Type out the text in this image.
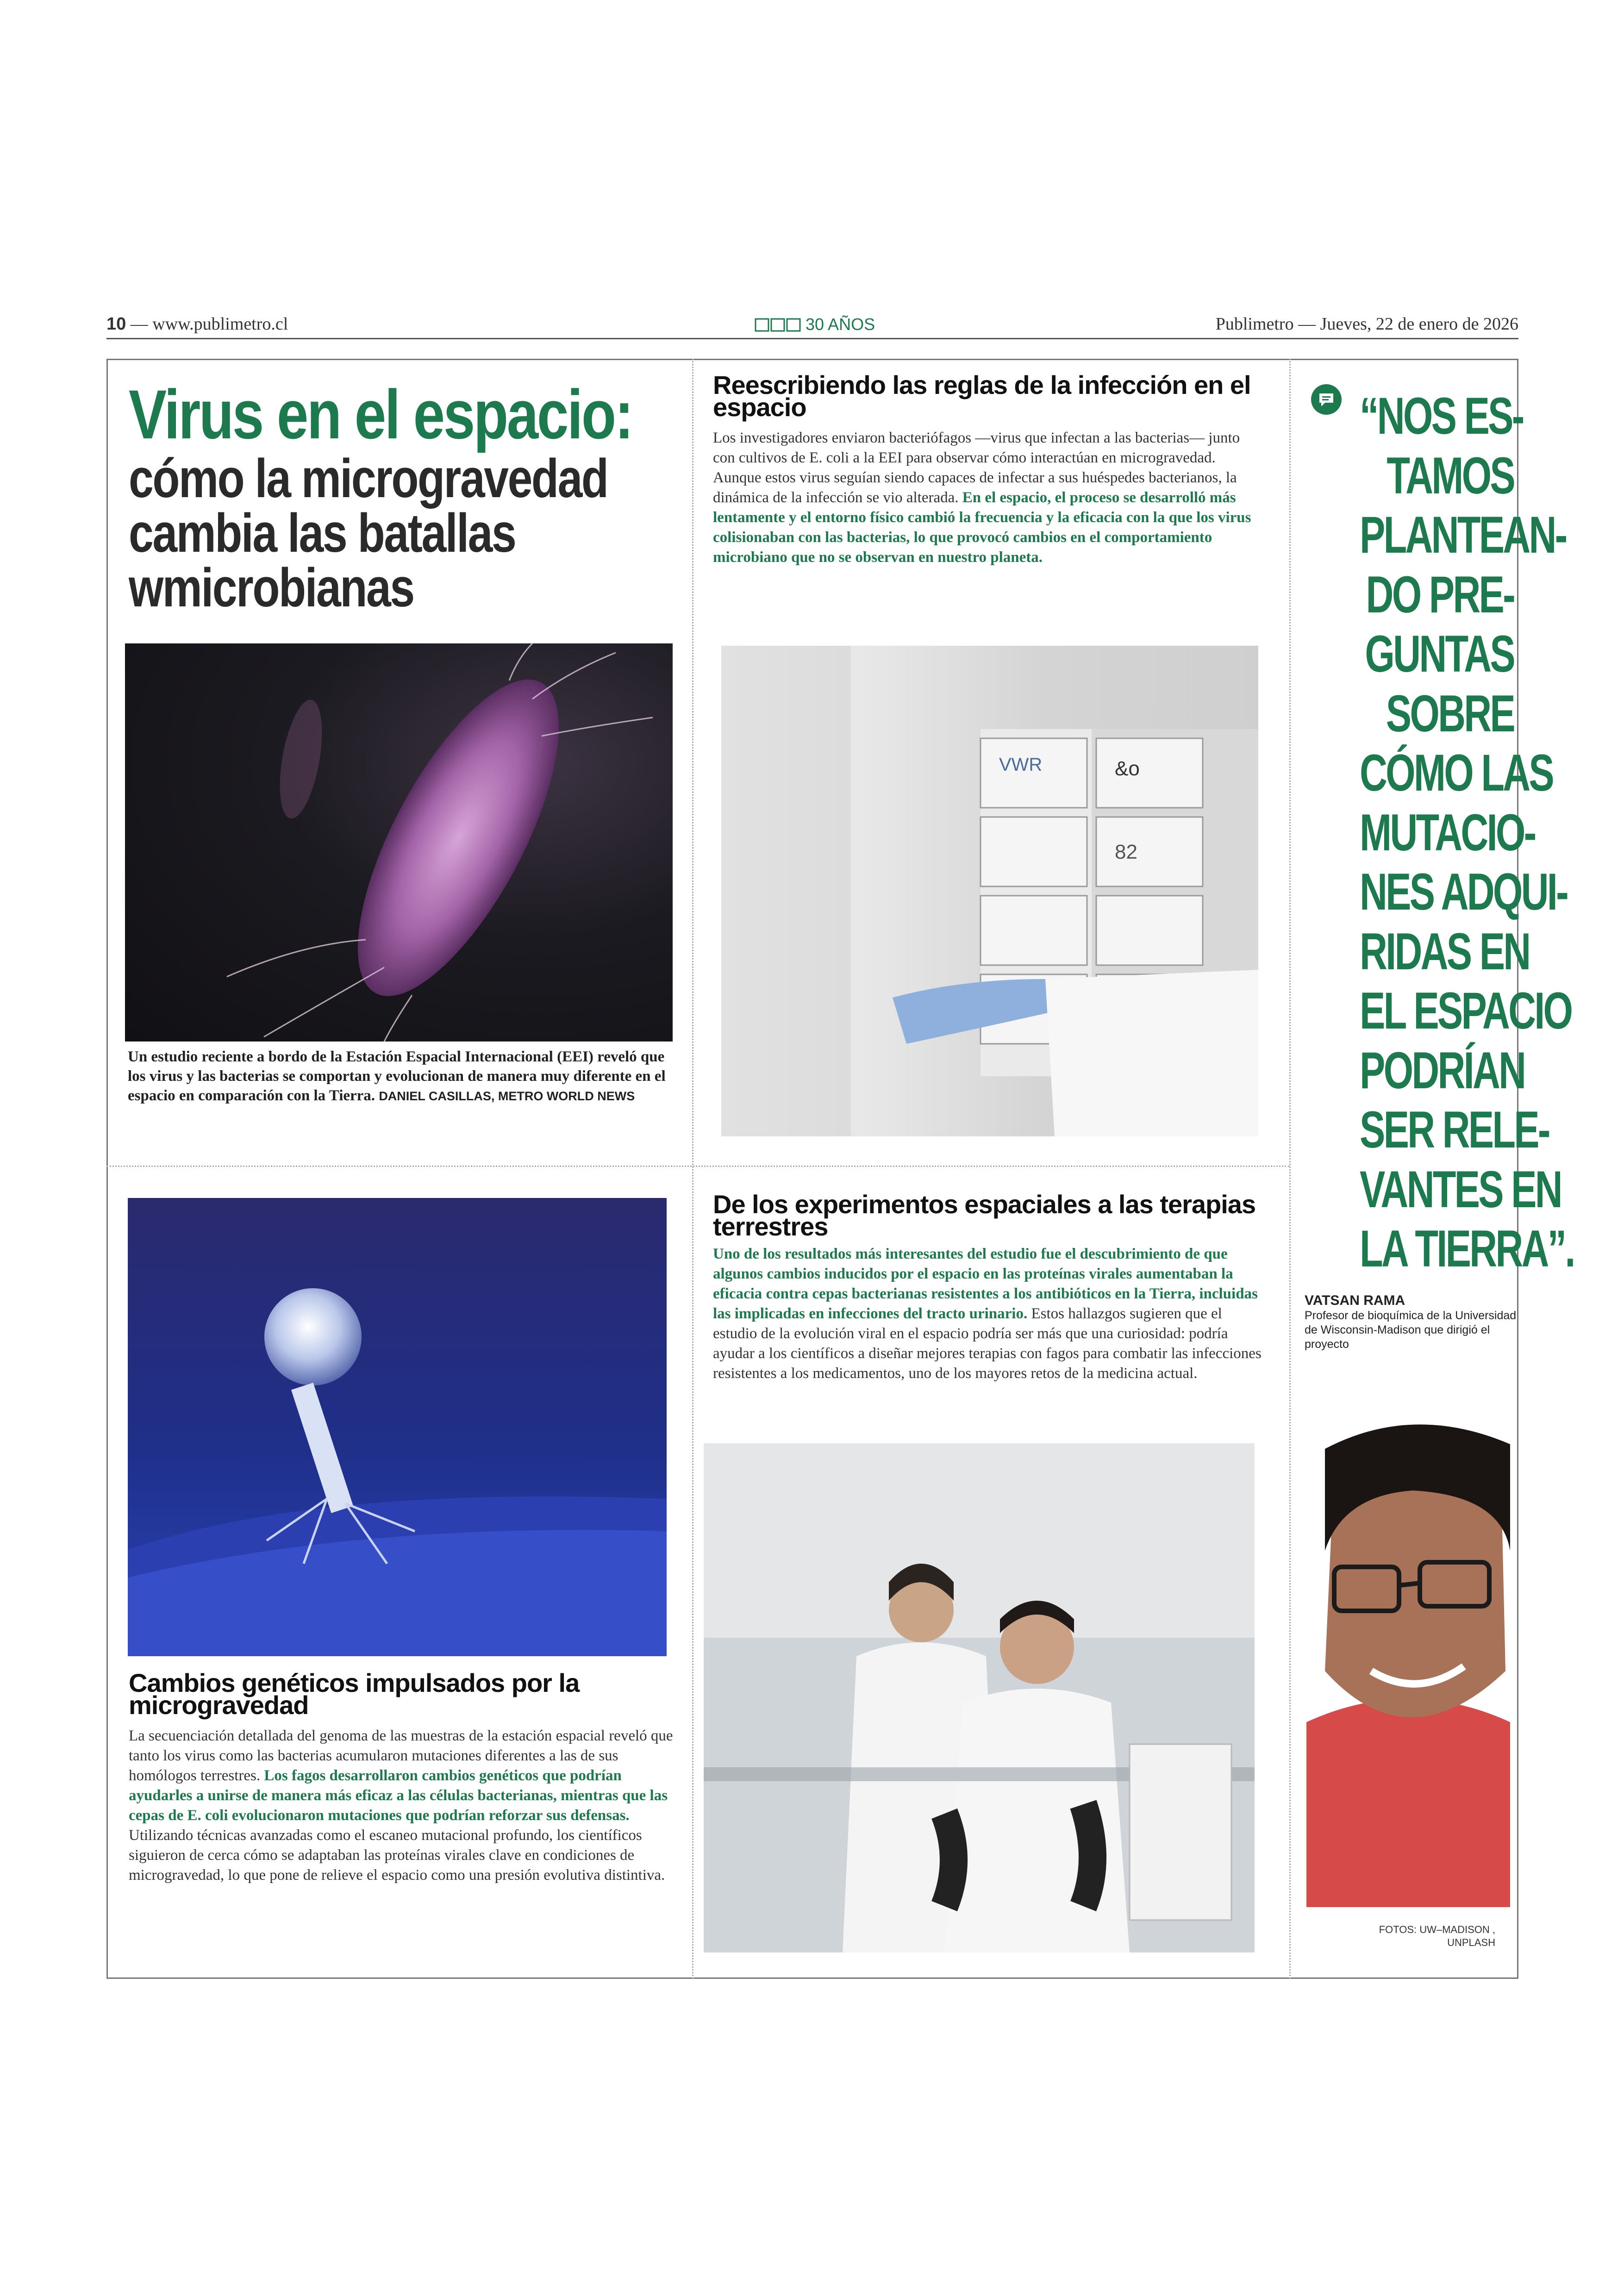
10 — www.publimetro.cl	30 AÑOS	Publimetro — Jueves, 22 de enero de 2026
Virus en el espacio:
cómo la microgravedad
cambia las batallas
wmicrobianas
Un estudio reciente a bordo de la Estación Espacial Internacional (EEI) reveló que los virus y las bacterias se comportan y evolucionan de manera muy diferente en el espacio en comparación con la Tierra. DANIEL CASILLAS, METRO WORLD NEWS
Reescribiendo las reglas de la infección en el espacio
Los investigadores enviaron bacteriófagos —virus que infectan a las bacterias— junto con cultivos de E. coli a la EEI para observar cómo interactúan en microgravedad. Aunque estos virus seguían siendo capaces de infectar a sus huéspedes bacterianos, la dinámica de la infección se vio alterada. En el espacio, el proceso se desarrolló más lentamente y el entorno físico cambió la frecuencia y la eficacia con la que los virus colisionaban con las bacterias, lo que provocó cambios en el comportamiento microbiano que no se observan en nuestro planeta.
VWR	&o
82
Cambios genéticos impulsados por la microgravedad
La secuenciación detallada del genoma de las muestras de la estación espacial reveló que tanto los virus como las bacterias acumularon mutaciones diferentes a las de sus homólogos terrestres. Los fagos desarrollaron cambios genéticos que podrían ayudarles a unirse de manera más eficaz a las células bacterianas, mientras que las cepas de E. coli evolucionaron mutaciones que podrían reforzar sus defensas. Utilizando técnicas avanzadas como el escaneo mutacional profundo, los científicos siguieron de cerca cómo se adaptaban las proteínas virales clave en condiciones de microgravedad, lo que pone de relieve el espacio como una presión evolutiva distintiva.
De los experimentos espaciales a las terapias terrestres
Uno de los resultados más interesantes del estudio fue el descubrimiento de que algunos cambios inducidos por el espacio en las proteínas virales aumentaban la eficacia contra cepas bacterianas resistentes a los antibióticos en la Tierra, incluidas las implicadas en infecciones del tracto urinario. Estos hallazgos sugieren que el estudio de la evolución viral en el espacio podría ser más que una curiosidad: podría ayudar a los científicos a diseñar mejores terapias con fagos para combatir las infecciones resistentes a los medicamentos, uno de los mayores retos de la medicina actual.
“NOS ES-
TAMOS
PLANTEAN-
DO PRE-
GUNTAS
SOBRE
CÓMO LAS
MUTACIO-
NES ADQUI-
RIDAS EN
EL ESPACIO
PODRÍAN
SER RELE-
VANTES EN
LA TIERRA”.
VATSAN RAMA
Profesor de bioquímica de la Universidad de Wisconsin-Madison que dirigió el proyecto
FOTOS: UW–MADISON , UNPLASH
